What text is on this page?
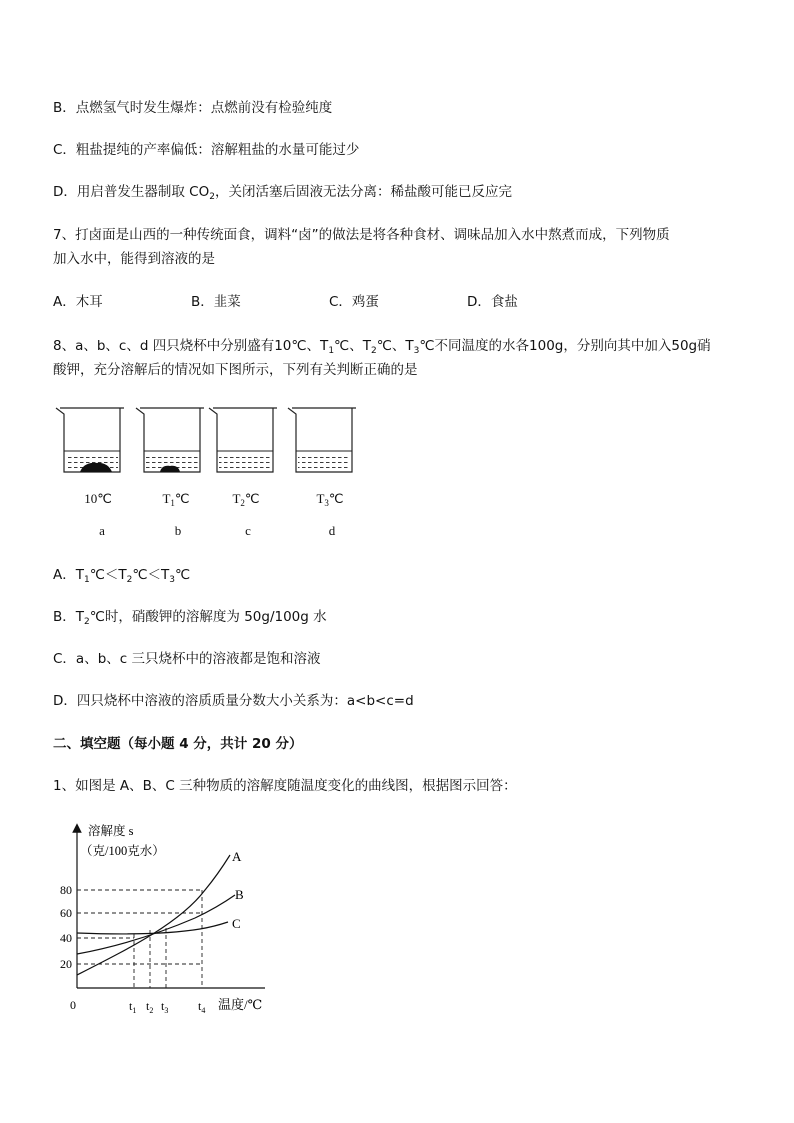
B．点燃氢气时发生爆炸：点燃前没有检验纯度
C．粗盐提纯的产率偏低：溶解粗盐的水量可能过少
D．用启普发生器制取 $CO_2$，关闭活塞后固液无法分离：稀盐酸可能已反应完
7、打卤面是山西的一种传统面食，调料“卤”的做法是将各种食材、调味品加入水中熬煮而成，下列物质
加入水中，能得到溶液的是
A．木耳	B．韭菜	C．鸡蛋	D．食盐
8、a、b、c、d 四只烧杯中分别盛有10℃、$T_1℃$、$T_2℃$、$T_3℃$不同温度的水各100g，分别向其中加入50g硝
酸钾，充分溶解后的情况如下图所示，下列有关判断正确的是
10℃	$T_1℃$	$T_2℃$	$T_3℃$
a	b	c	d
A．$T_1℃<T_2℃<T_3℃$
B．$T_2℃$时，硝酸钾的溶解度为 50g/100g 水
C．a、b、c 三只烧杯中的溶液都是饱和溶液
D．四只烧杯中溶液的溶质质量分数大小关系为：a<b<c=d
二、填空题（每小题 4 分，共计 20 分）
1、如图是 A、B、C 三种物质的溶解度随温度变化的曲线图，根据图示回答：
溶解度 s
（克/100克水）
温度/℃
0
80
60
40
20
A
B
C
$t_1$ $t_2$ $t_3$ $t_4$
